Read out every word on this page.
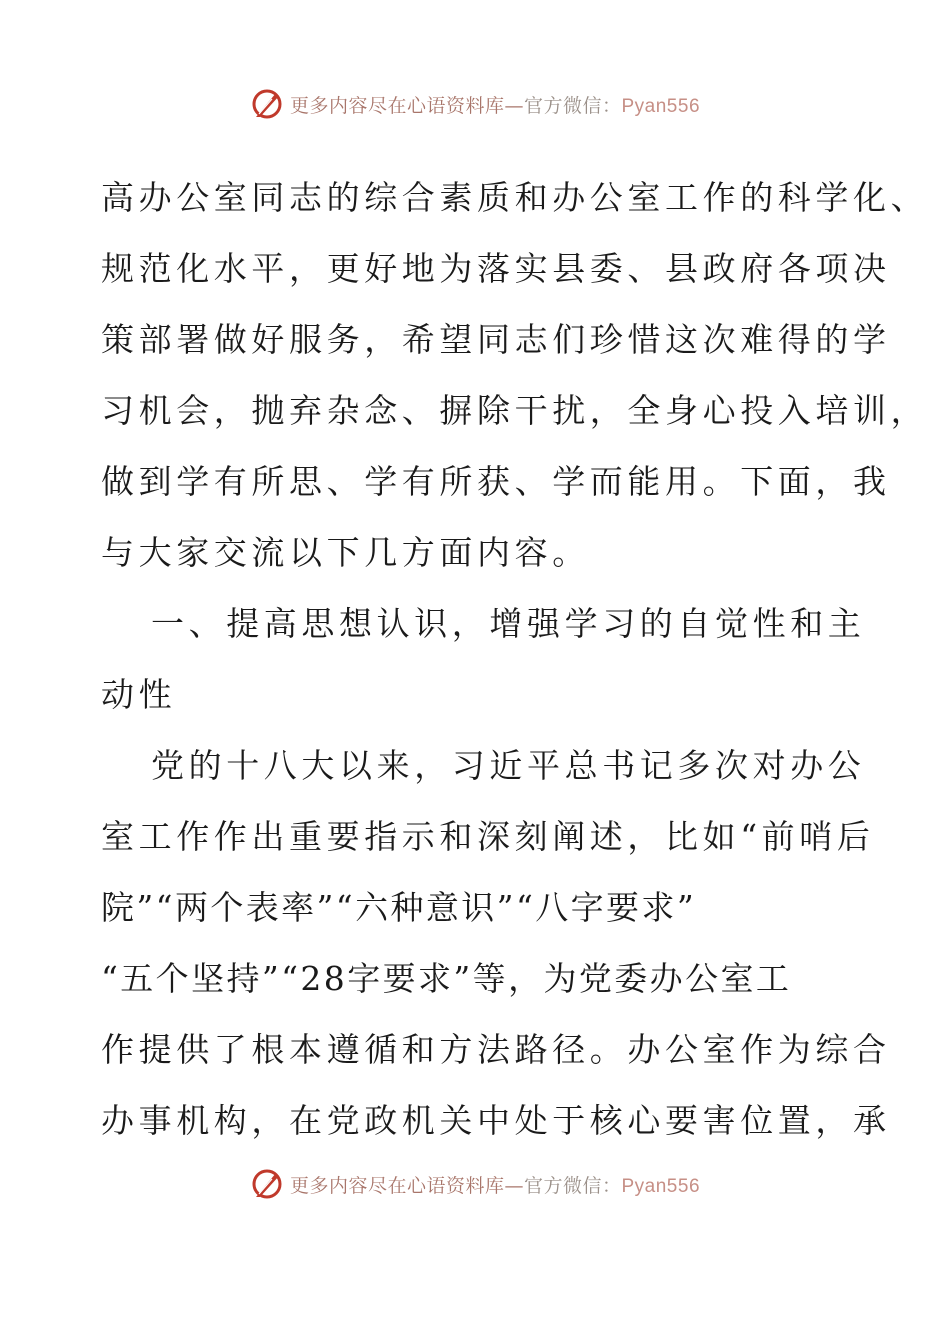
更多内容尽在心语资料库—官方微信：Pyan556
高办公室同志的综合素质和办公室工作的科学化、
规范化水平，更好地为落实县委、县政府各项决
策部署做好服务，希望同志们珍惜这次难得的学
习机会，抛弃杂念、摒除干扰，全身心投入培训，
做到学有所思、学有所获、学而能用。下面，我
与大家交流以下几方面内容。
一、提高思想认识，增强学习的自觉性和主
动性
党的十八大以来，习近平总书记多次对办公
室工作作出重要指示和深刻阐述，比如“前哨后
院”“两个表率”“六种意识”“八字要求”
“五个坚持”“28字要求”等，为党委办公室工
作提供了根本遵循和方法路径。办公室作为综合
办事机构，在党政机关中处于核心要害位置，承
更多内容尽在心语资料库—官方微信：Pyan556
